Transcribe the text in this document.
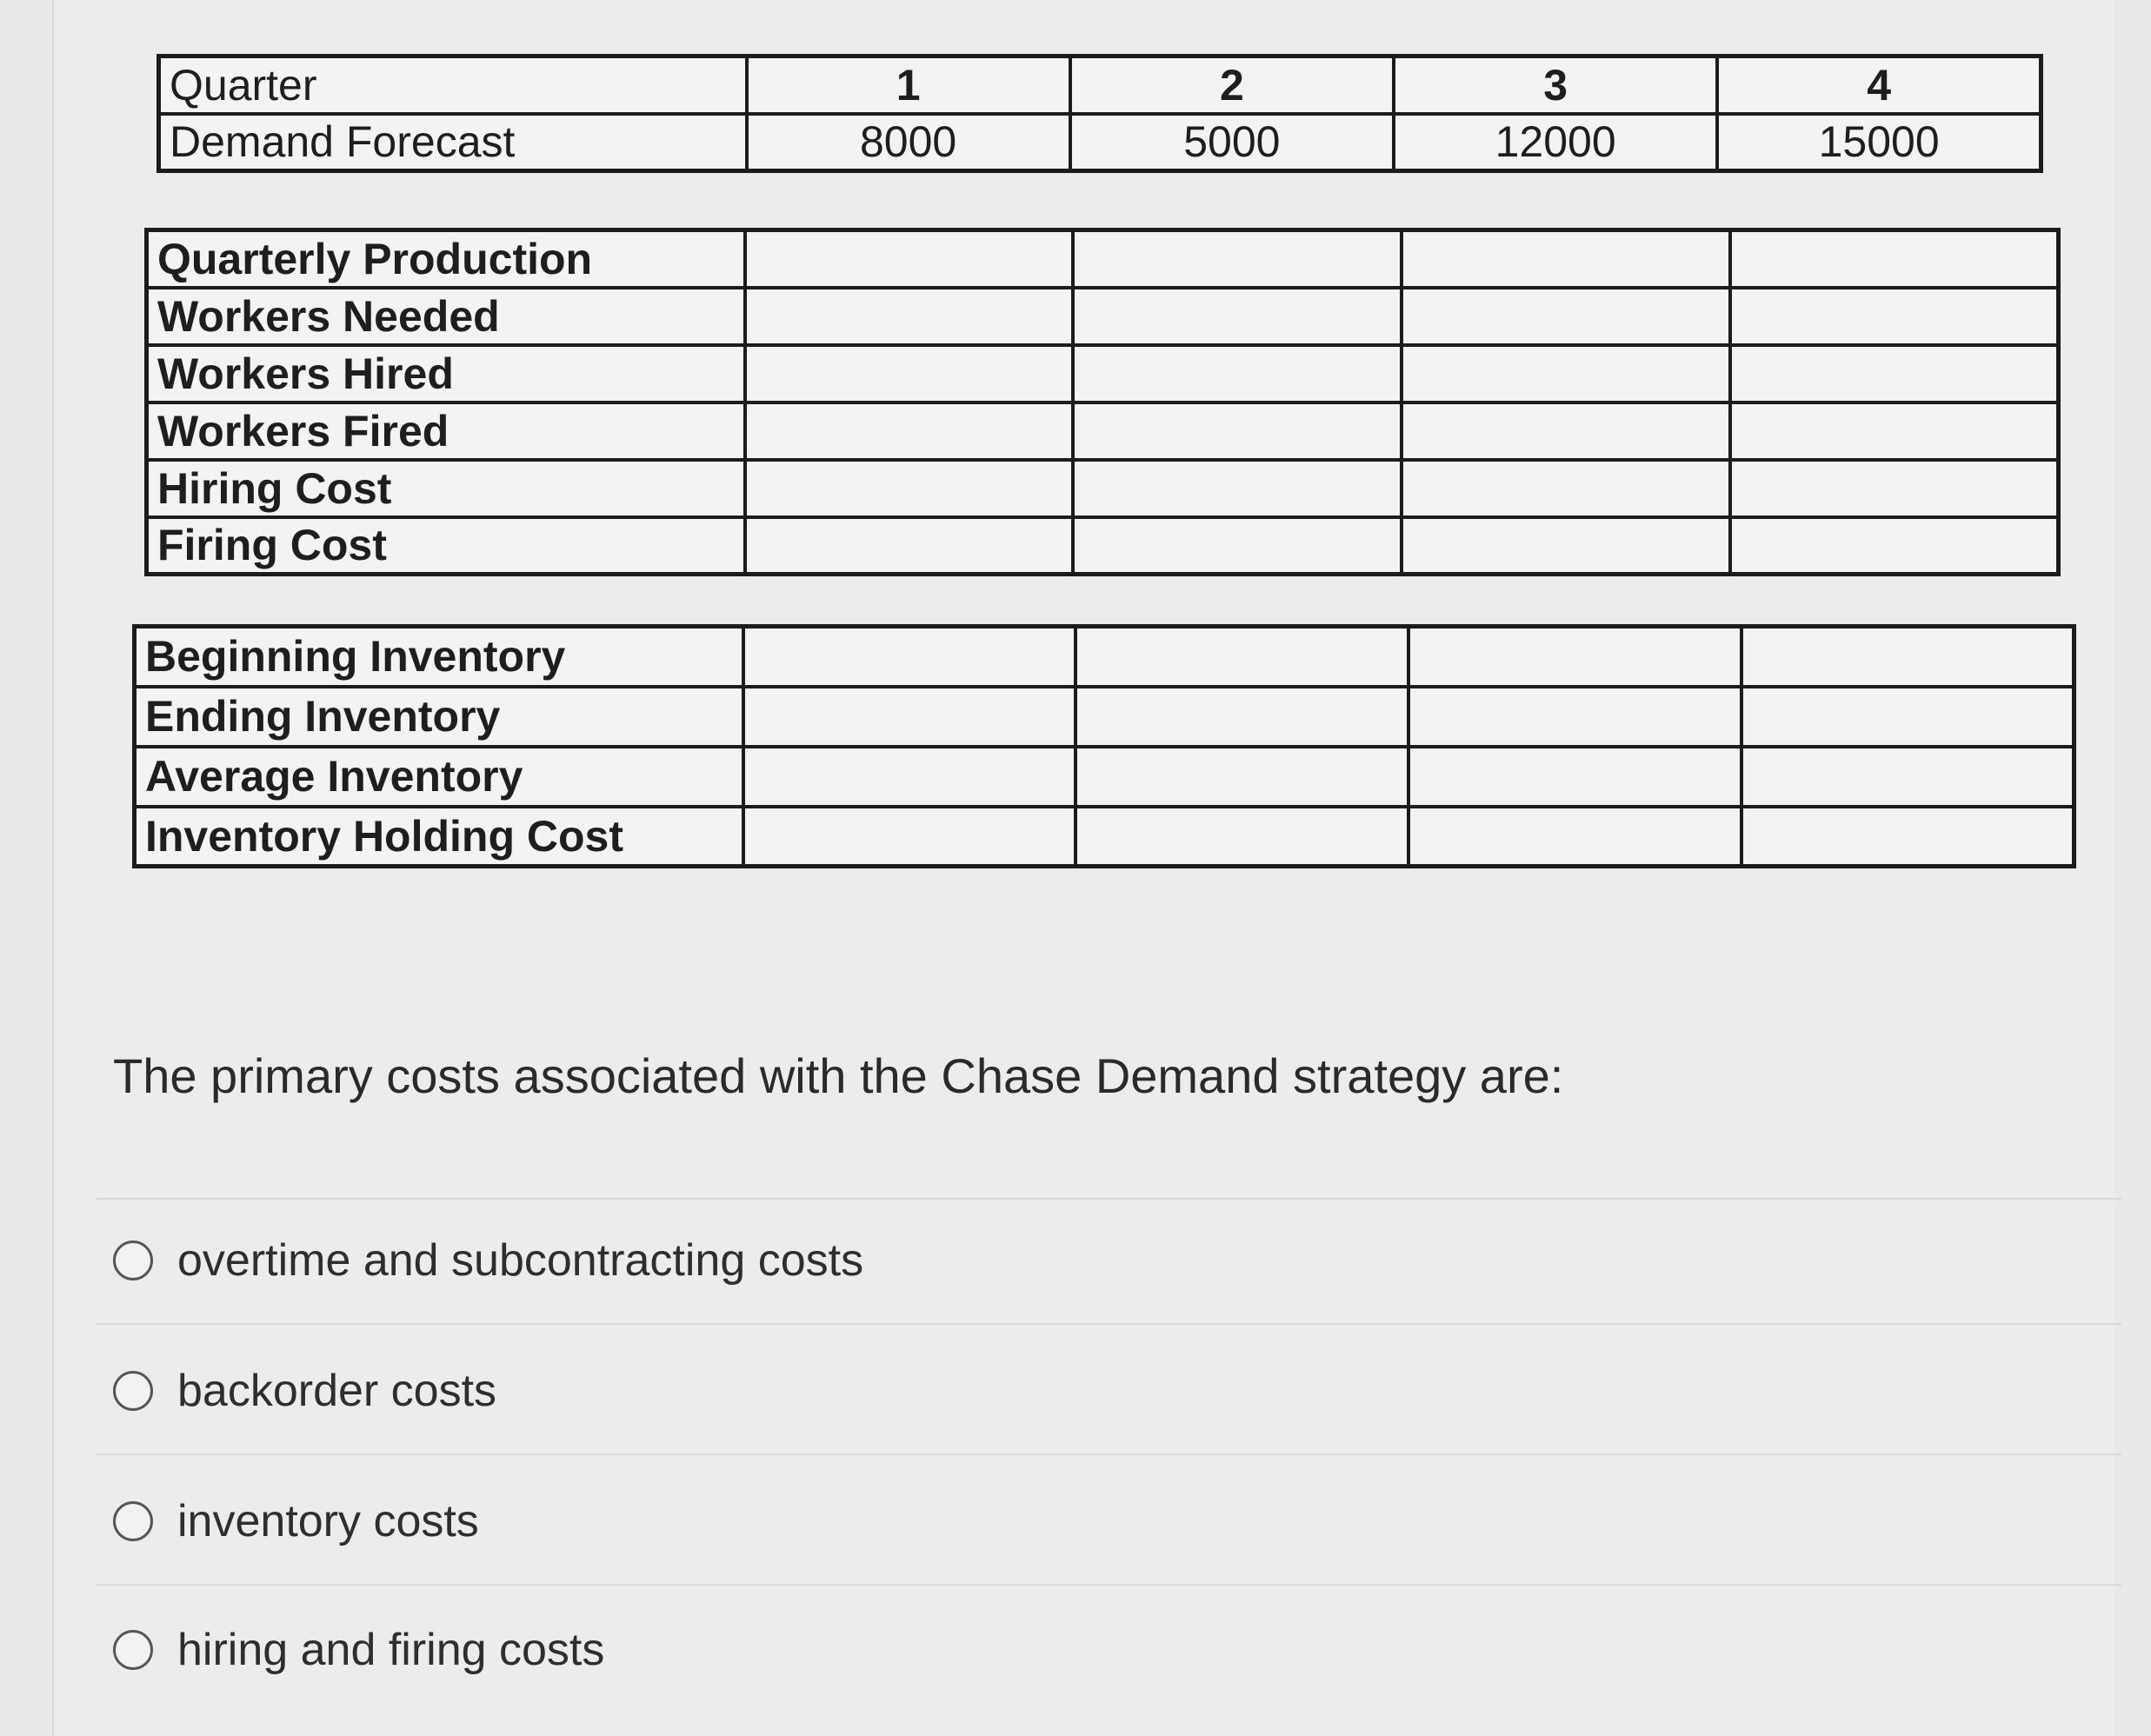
Quarter	1	2	3	4
Demand Forecast	8000	5000	12000	15000
Quarterly Production				
Workers Needed				
Workers Hired				
Workers Fired				
Hiring Cost				
Firing Cost				
Beginning Inventory				
Ending Inventory				
Average Inventory				
Inventory Holding Cost				
The primary costs associated with the Chase Demand strategy are:
overtime and subcontracting costs
backorder costs
inventory costs
hiring and firing costs
